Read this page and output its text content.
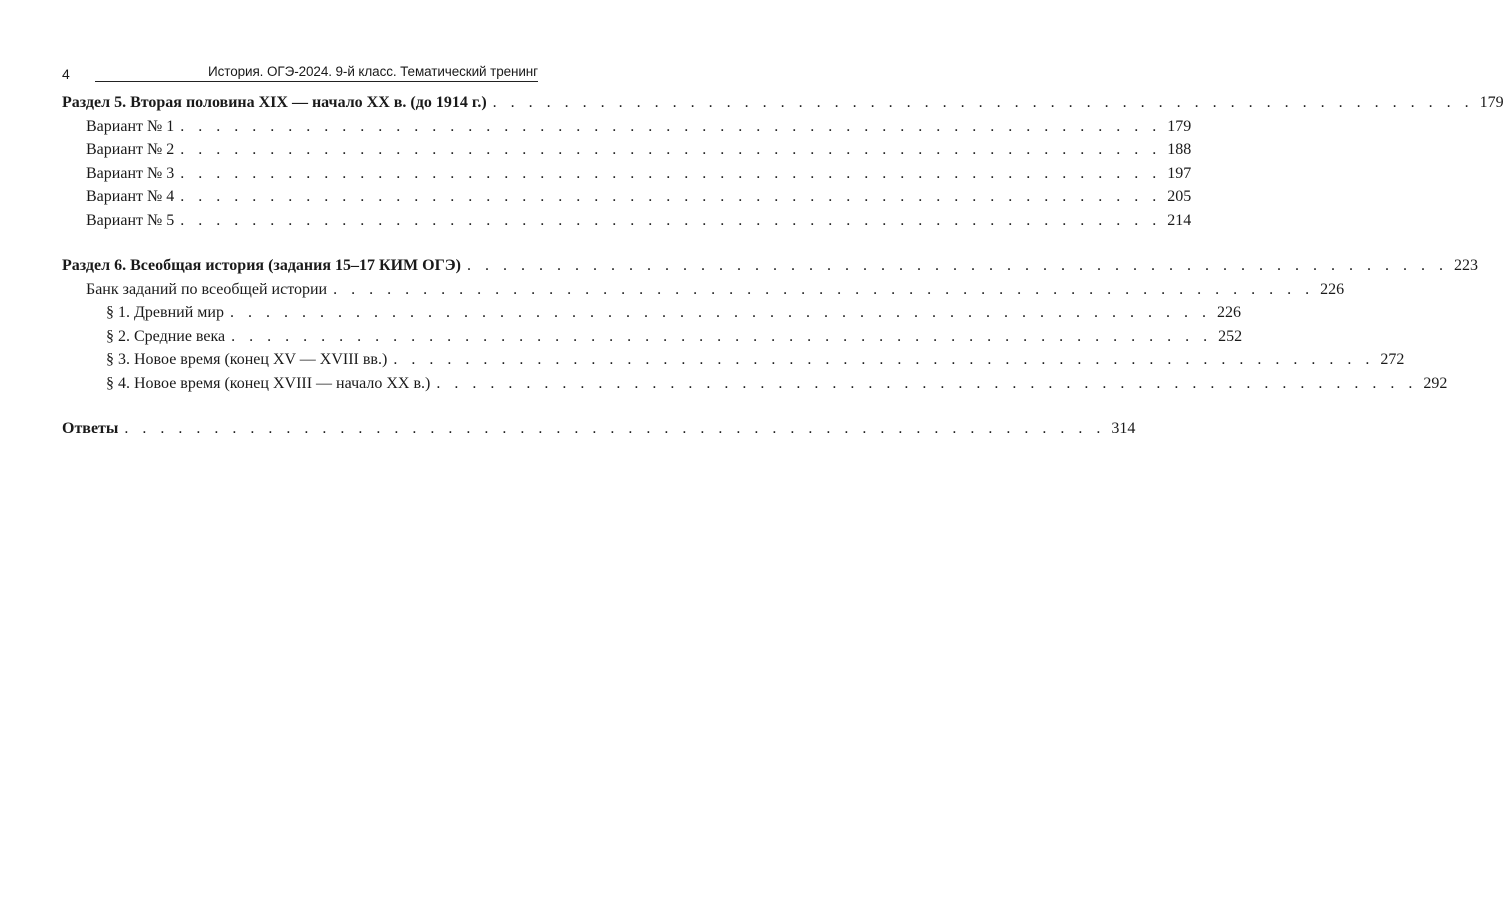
4	История. ОГЭ-2024. 9-й класс. Тематический тренинг
Раздел 5. Вторая половина XIX — начало XX в. (до 1914 г.) . . . . . . . . . . . . . . . . . . . . . . . . . . . . . . . . . . . . . . . . . . . . . . . . . . . . . . . 179
Вариант № 1 . . . . . . . . . . . . . . . . . . . . . . . . . . . . . . . . . . . . . . . . . . . . . . . . . . . . . . . 179
Вариант № 2 . . . . . . . . . . . . . . . . . . . . . . . . . . . . . . . . . . . . . . . . . . . . . . . . . . . . . . . 188
Вариант № 3 . . . . . . . . . . . . . . . . . . . . . . . . . . . . . . . . . . . . . . . . . . . . . . . . . . . . . . . 197
Вариант № 4 . . . . . . . . . . . . . . . . . . . . . . . . . . . . . . . . . . . . . . . . . . . . . . . . . . . . . . . 205
Вариант № 5 . . . . . . . . . . . . . . . . . . . . . . . . . . . . . . . . . . . . . . . . . . . . . . . . . . . . . . . 214
Раздел 6. Всеобщая история (задания 15–17 КИМ ОГЭ) . . . . . . . . . . . . . . . . . . . . . . . . . . . . . . . . . . . . . . . . . . . . . . . . . . . . . . . 223
Банк заданий по всеобщей истории . . . . . . . . . . . . . . . . . . . . . . . . . . . . . . . . . . . . . . . . . . . . . . . . . . . . . . . 226
§ 1. Древний мир . . . . . . . . . . . . . . . . . . . . . . . . . . . . . . . . . . . . . . . . . . . . . . . . . . . . . . . 226
§ 2. Средние века . . . . . . . . . . . . . . . . . . . . . . . . . . . . . . . . . . . . . . . . . . . . . . . . . . . . . . . 252
§ 3. Новое время (конец XV — XVIII вв.) . . . . . . . . . . . . . . . . . . . . . . . . . . . . . . . . . . . . . . . . . . . . . . . . . . . . . . . 272
§ 4. Новое время (конец XVIII — начало XX в.) . . . . . . . . . . . . . . . . . . . . . . . . . . . . . . . . . . . . . . . . . . . . . . . . . . . . . . . 292
Ответы . . . . . . . . . . . . . . . . . . . . . . . . . . . . . . . . . . . . . . . . . . . . . . . . . . . . . . . 314
